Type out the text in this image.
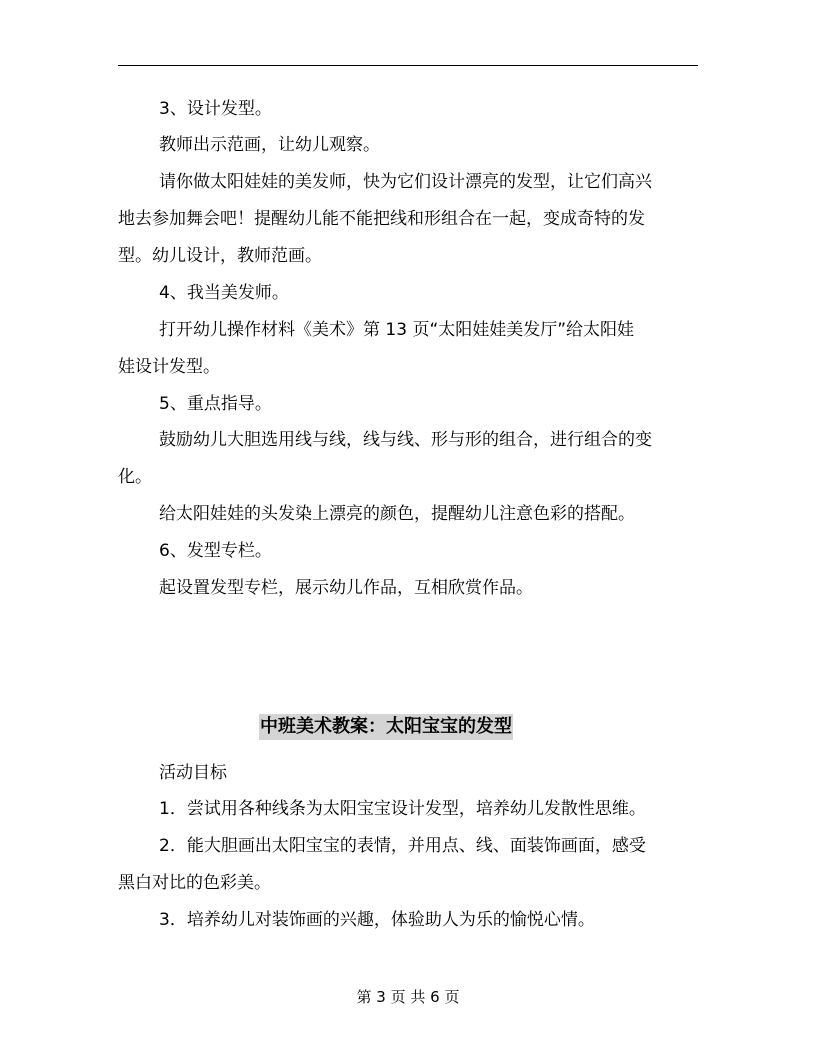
3、设计发型。
教师出示范画，让幼儿观察。
请你做太阳娃娃的美发师，快为它们设计漂亮的发型，让它们高兴
地去参加舞会吧！提醒幼儿能不能把线和形组合在一起，变成奇特的发
型。幼儿设计，教师范画。
4、我当美发师。
打开幼儿操作材料《美术》第 13 页“太阳娃娃美发厅”给太阳娃
娃设计发型。
5、重点指导。
鼓励幼儿大胆选用线与线，线与线、形与形的组合，进行组合的变
化。
给太阳娃娃的头发染上漂亮的颜色，提醒幼儿注意色彩的搭配。
6、发型专栏。
起设置发型专栏，展示幼儿作品，互相欣赏作品。
中班美术教案：太阳宝宝的发型
活动目标
1．尝试用各种线条为太阳宝宝设计发型，培养幼儿发散性思维。
2．能大胆画出太阳宝宝的表情，并用点、线、面装饰画面，感受
黑白对比的色彩美。
3．培养幼儿对装饰画的兴趣，体验助人为乐的愉悦心情。
第 3 页 共 6 页
